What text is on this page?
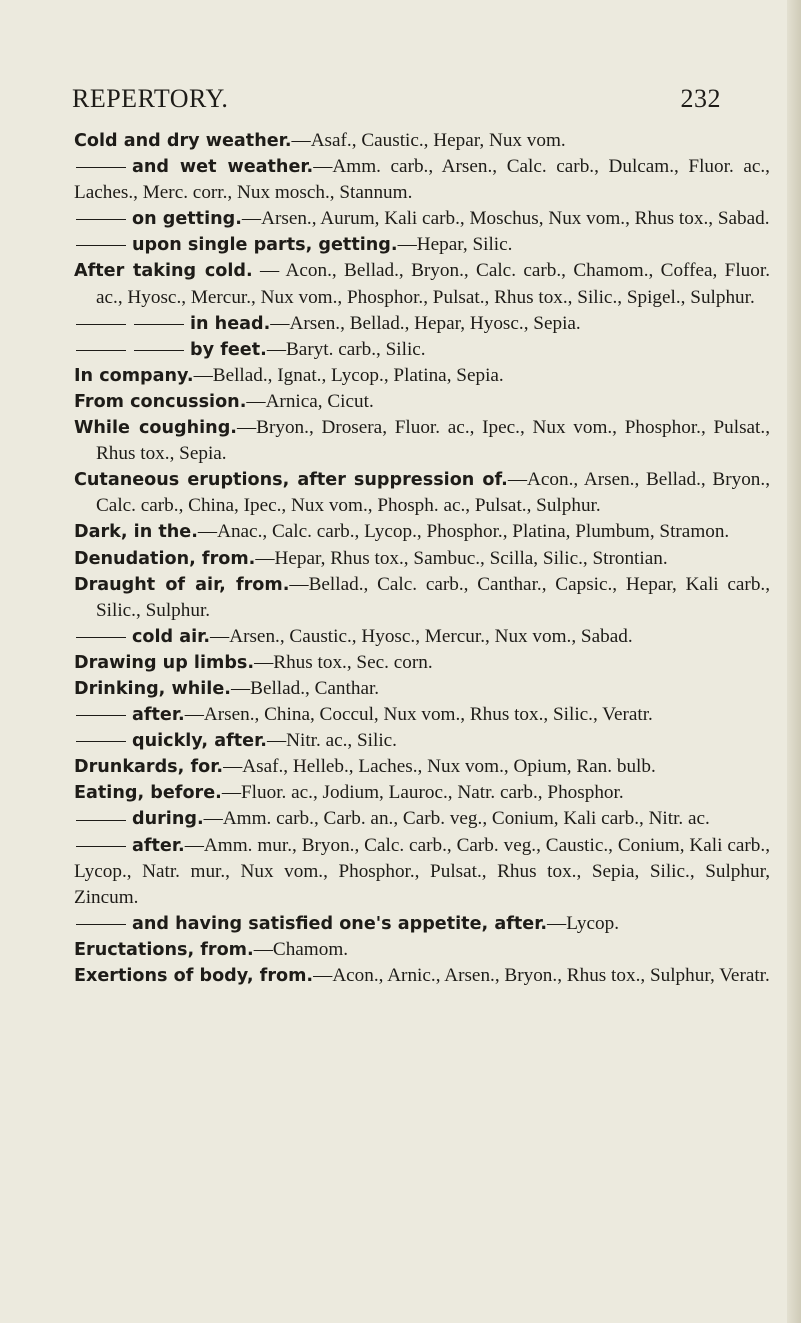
REPERTORY.	232
Cold and dry weather.—Asaf., Caustic., Hepar, Nux vom.
and wet weather.—Amm. carb., Arsen., Calc. carb., Dulcam., Fluor. ac., Laches., Merc. corr., Nux mosch., Stannum.
on getting.—Arsen., Aurum, Kali carb., Moschus, Nux vom., Rhus tox., Sabad.
upon single parts, getting.—Hepar, Silic.
After taking cold. — Acon., Bellad., Bryon., Calc. carb., Chamom., Coffea, Fluor. ac., Hyosc., Mercur., Nux vom., Phosphor., Pulsat., Rhus tox., Silic., Spigel., Sulphur.
in head.—Arsen., Bellad., Hepar, Hyosc., Sepia.
by feet.—Baryt. carb., Silic.
In company.—Bellad., Ignat., Lycop., Platina, Sepia.
From concussion.—Arnica, Cicut.
While coughing.—Bryon., Drosera, Fluor. ac., Ipec., Nux vom., Phosphor., Pulsat., Rhus tox., Sepia.
Cutaneous eruptions, after suppression of.—Acon., Arsen., Bellad., Bryon., Calc. carb., China, Ipec., Nux vom., Phosph. ac., Pulsat., Sulphur.
Dark, in the.—Anac., Calc. carb., Lycop., Phosphor., Platina, Plumbum, Stramon.
Denudation, from.—Hepar, Rhus tox., Sambuc., Scilla, Silic., Strontian.
Draught of air, from.—Bellad., Calc. carb., Canthar., Capsic., Hepar, Kali carb., Silic., Sulphur.
cold air.—Arsen., Caustic., Hyosc., Mercur., Nux vom., Sabad.
Drawing up limbs.—Rhus tox., Sec. corn.
Drinking, while.—Bellad., Canthar.
after.—Arsen., China, Coccul, Nux vom., Rhus tox., Silic., Veratr.
quickly, after.—Nitr. ac., Silic.
Drunkards, for.—Asaf., Helleb., Laches., Nux vom., Opium, Ran. bulb.
Eating, before.—Fluor. ac., Jodium, Lauroc., Natr. carb., Phosphor.
during.—Amm. carb., Carb. an., Carb. veg., Conium, Kali carb., Nitr. ac.
after.—Amm. mur., Bryon., Calc. carb., Carb. veg., Caustic., Conium, Kali carb., Lycop., Natr. mur., Nux vom., Phosphor., Pulsat., Rhus tox., Sepia, Silic., Sulphur, Zincum.
and having satisfied one's appetite, after.—Lycop.
Eructations, from.—Chamom.
Exertions of body, from.—Acon., Arnic., Arsen., Bryon., Rhus tox., Sulphur, Veratr.
